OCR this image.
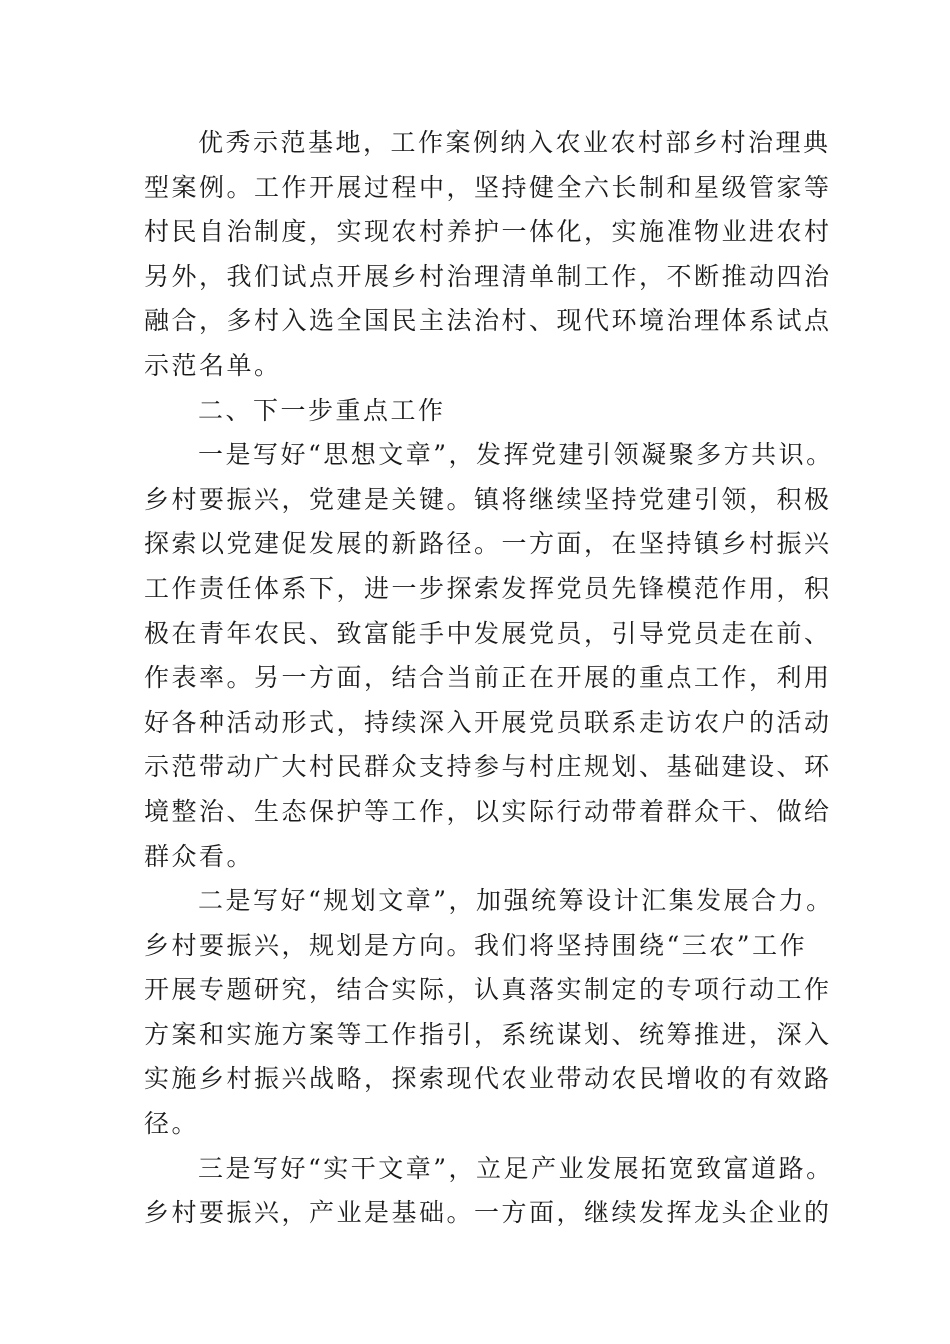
优秀示范基地，工作案例纳入农业农村部乡村治理典
型案例。工作开展过程中，坚持健全六长制和星级管家等
村民自治制度，实现农村养护一体化，实施准物业进农村
另外，我们试点开展乡村治理清单制工作，不断推动四治
融合，多村入选全国民主法治村、现代环境治理体系试点
示范名单。
二、下一步重点工作
一是写好“思想文章”，发挥党建引领凝聚多方共识。
乡村要振兴，党建是关键。镇将继续坚持党建引领，积极
探索以党建促发展的新路径。一方面，在坚持镇乡村振兴
工作责任体系下，进一步探索发挥党员先锋模范作用，积
极在青年农民、致富能手中发展党员，引导党员走在前、
作表率。另一方面，结合当前正在开展的重点工作，利用
好各种活动形式，持续深入开展党员联系走访农户的活动
示范带动广大村民群众支持参与村庄规划、基础建设、环
境整治、生态保护等工作，以实际行动带着群众干、做给
群众看。
二是写好“规划文章”，加强统筹设计汇集发展合力。
乡村要振兴，规划是方向。我们将坚持围绕“三农”工作
开展专题研究，结合实际，认真落实制定的专项行动工作
方案和实施方案等工作指引，系统谋划、统筹推进，深入
实施乡村振兴战略，探索现代农业带动农民增收的有效路
径。
三是写好“实干文章”，立足产业发展拓宽致富道路。
乡村要振兴，产业是基础。一方面，继续发挥龙头企业的
